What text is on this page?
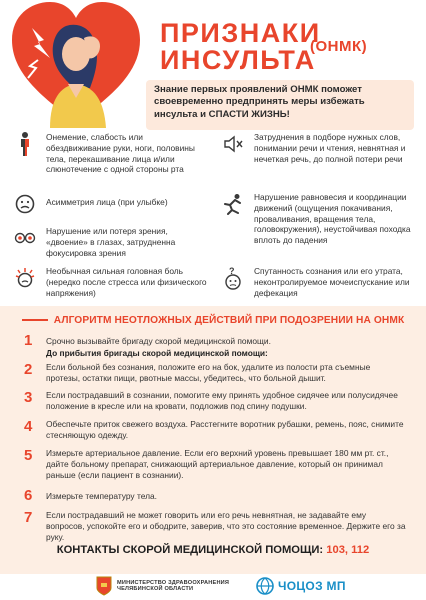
ПРИЗНАКИ
ИНСУЛЬТА
(ОНМК)
Знание первых проявлений ОНМК поможет своевременно предпринять меры избежать инсульта и СПАСТИ ЖИЗНЬ!
Онемение, слабость или обездвиживание руки, ноги, половины тела, перекашивание лица и/или слюнотечение с одной стороны рта
Асимметрия лица (при улыбке)
Нарушение или потеря зрения, «двоение» в глазах, затрудненна фокусировка зрения
Необычная сильная головная боль (нередко после стресса или физического напряжения)
Затруднения в подборе нужных слов, понимании речи и чтения, невнятная и нечеткая речь, до полной потери речи
Нарушение равновесия и координации движений (ощущения покачивания, проваливания, вращения тела, головокружения), неустойчивая походка вплоть до падения
? Спутанность сознания или его утрата, неконтролируемое мочеиспускание или дефекация
АЛГОРИТМ НЕОТЛОЖНЫХ ДЕЙСТВИЙ ПРИ ПОДОЗРЕНИИ НА ОНМК
1	Срочно вызывайте бригаду скорой медицинской помощи.
До прибытия бригады скорой медицинской помощи:
2	Если больной без сознания, положите его на бок, удалите из полости рта съемные протезы, остатки пищи, рвотные массы, убедитесь, что больной дышит.
3	Если пострадавший в сознании, помогите ему принять удобное сидячее или полусидячее положение в кресле или на кровати, подложив под спину подушки.
4	Обеспечьте приток свежего воздуха. Расстегните воротник рубашки, ремень, пояс, снимите стесняющую одежду.
5	Измерьте артериальное давление. Если его верхний уровень превышает 180 мм рт. ст., дайте больному препарат, снижающий артериальное давление, который он принимал раньше (если пациент в сознании).
6	Измерьте температуру тела.
7	Если пострадавший не может говорить или его речь невнятная, не задавайте ему вопросов, успокойте его и ободрите, заверив, что это состояние временное. Держите его за руку.
КОНТАКТЫ СКОРОЙ МЕДИЦИНСКОЙ ПОМОЩИ: 103, 112
МИНИСТЕРСТВО ЗДРАВООХРАНЕНИЯ
ЧЕЛЯБИНСКОЙ ОБЛАСТИ	ЧОЦОЗ МП
